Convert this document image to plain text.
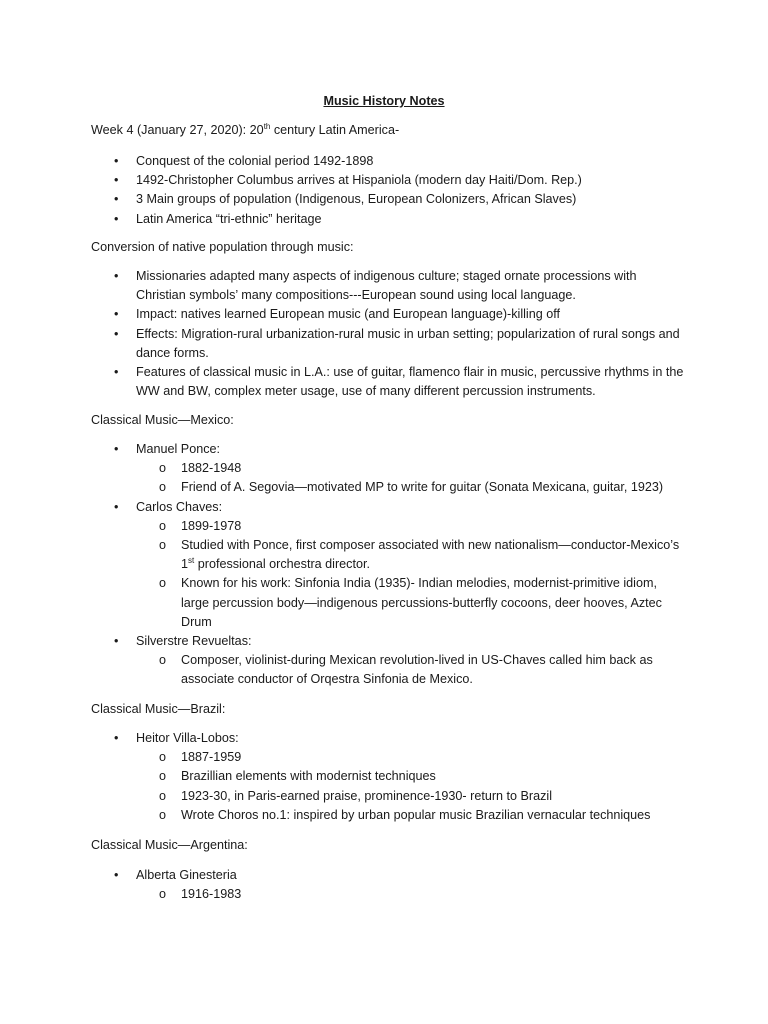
Music History Notes

Week 4 (January 27, 2020): 20th century Latin America-

• Conquest of the colonial period 1492-1898
• 1492-Christopher Columbus arrives at Hispaniola (modern day Haiti/Dom. Rep.)
• 3 Main groups of population (Indigenous, European Colonizers, African Slaves)
• Latin America “tri-ethnic” heritage

Conversion of native population through music:

• Missionaries adapted many aspects of indigenous culture; staged ornate processions with Christian symbols’ many compositions---European sound using local language.
• Impact: natives learned European music (and European language)-killing off
• Effects: Migration-rural urbanization-rural music in urban setting; popularization of rural songs and dance forms.
• Features of classical music in L.A.: use of guitar, flamenco flair in music, percussive rhythms in the WW and BW, complex meter usage, use of many different percussion instruments.

Classical Music—Mexico:

• Manuel Ponce:
o 1882-1948
o Friend of A. Segovia—motivated MP to write for guitar (Sonata Mexicana, guitar, 1923)
• Carlos Chaves:
o 1899-1978
o Studied with Ponce, first composer associated with new nationalism—conductor-Mexico’s 1st professional orchestra director.
o Known for his work: Sinfonia India (1935)- Indian melodies, modernist-primitive idiom, large percussion body—indigenous percussions-butterfly cocoons, deer hooves, Aztec Drum
• Silverstre Revueltas:
o Composer, violinist-during Mexican revolution-lived in US-Chaves called him back as associate conductor of Orqestra Sinfonia de Mexico.

Classical Music—Brazil:

• Heitor Villa-Lobos:
o 1887-1959
o Brazillian elements with modernist techniques
o 1923-30, in Paris-earned praise, prominence-1930- return to Brazil
o Wrote Choros no.1: inspired by urban popular music Brazilian vernacular techniques

Classical Music—Argentina:

• Alberta Ginesteria
o 1916-1983
